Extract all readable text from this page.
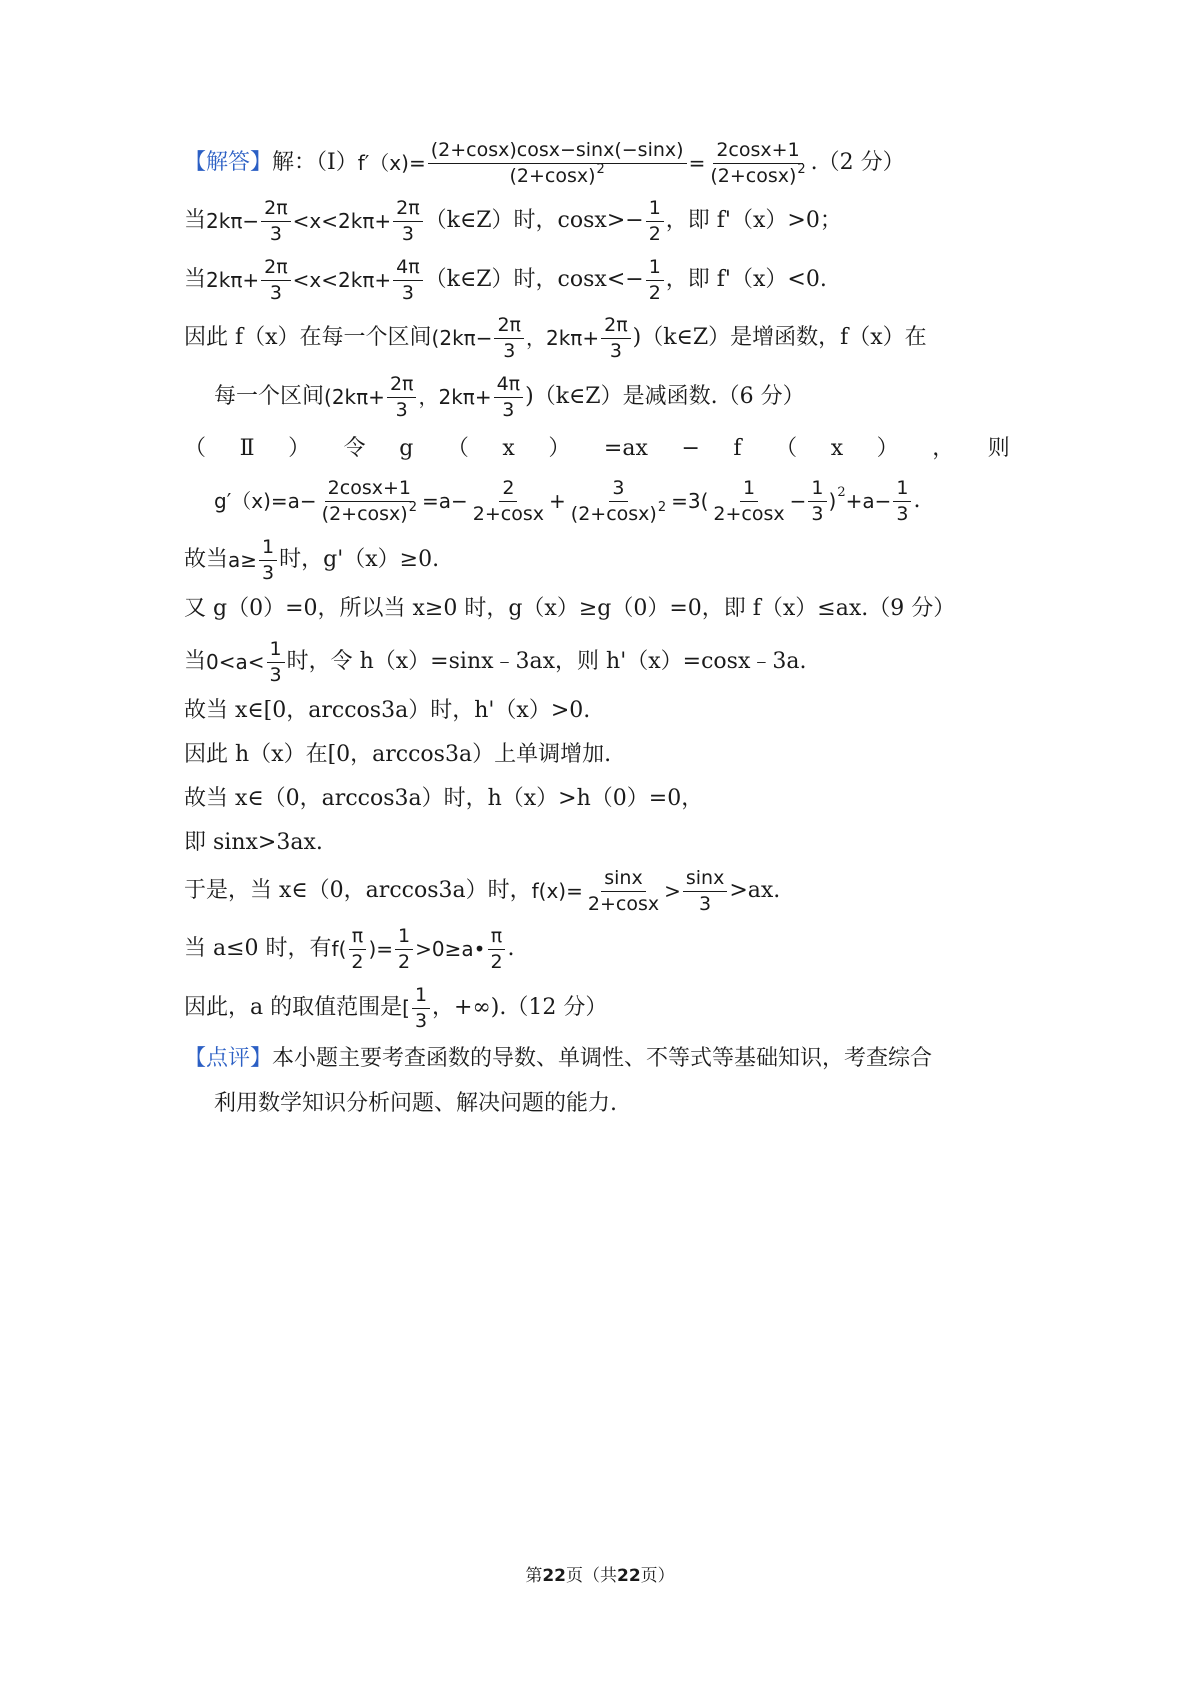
【解答】 解：（Ⅰ） $f'(x)= \frac{(2+\cos x)\cos x-\sin x(-\sin x)}{(2+\cos x)^2} = \frac{2\cos x+1}{(2+\cos x)^2} .(2$ 分）
当 $2k\pi- \frac{2\pi}{3} <x<2k\pi+ \frac{2\pi}{3}$ （k∈Z）时，$\cos x>- \frac{1}{2}$ ，即 f'（x）>0；
当 $2k\pi+ \frac{2\pi}{3} <x<2k\pi+ \frac{4\pi}{3}$ （k∈Z）时，$\cos x<- \frac{1}{2}$ ，即 f'（x）<0.
因此 f（x）在每一个区间 ($2k\pi- \frac{2\pi}{3}$ ，$2k\pi+ \frac{2\pi}{3}$ )（k∈Z）是增函数，f（x）在
每一个区间 ($2k\pi+ \frac{2\pi}{3}$ ，$2k\pi+ \frac{4\pi}{3}$ )（k∈Z）是减函数.（6 分）
（ Ⅱ ） 令 g （ x ） =ax − f （ x ） ， 则
$g'(x)=a- \frac{2\cos x+1}{(2+\cos x)^2} =a- \frac{2}{2+\cos x} + \frac{3}{(2+\cos x)^2} =3( \frac{1}{2+\cos x} - \frac{1}{3}$ ) $2 +a- \frac{1}{3}$ .
故当 $a\ge \frac{1}{3}$ 时，g'（x）≥0.
又 g（0）=0，所以当 x≥0 时，g（x）≥g（0）=0，即 f（x）≤ax.（9 分）
当 $0<a< \frac{1}{3}$ 时，令 h（x）=sinx﹣3ax，则 h'（x）=cosx﹣3a.
故当 x∈[0，arccos3a）时，h'（x）>0.
因此 h（x）在[0，arccos3a）上单调增加.
故当 x∈（0，arccos3a）时，h（x）>h（0）=0，
即 sinx>3ax.
于是，当 x∈（0，arccos3a）时， $f(x)= \frac{\sin x}{2+\cos x} > \frac{\sin x}{3} >ax$.
当 a≤0 时，有 $f( \frac{\pi}{2}$ )= $\frac{1}{2}$ >0≥a• $\frac{\pi}{2}$ .
因此，a 的取值范围是 [ $\frac{1}{3}$ ，+∞).（12 分）
【点评】 本小题主要考查函数的导数、单调性、不等式等基础知识，考查综合
利用数学知识分析问题、解决问题的能力.
第22页（共22页）
